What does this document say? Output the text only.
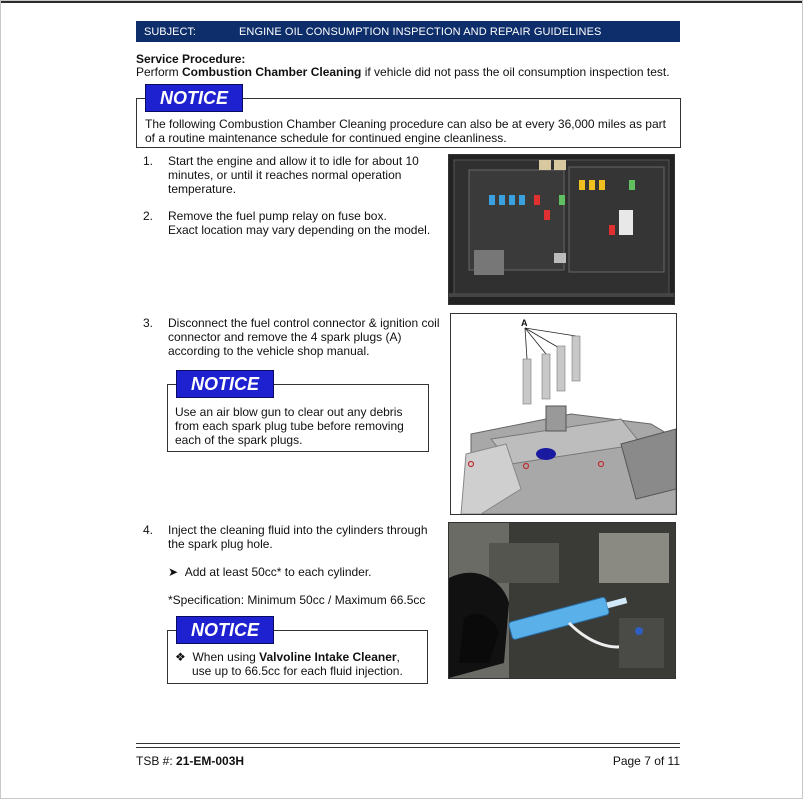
SUBJECT:	ENGINE OIL CONSUMPTION INSPECTION AND REPAIR GUIDELINES
Service Procedure:
Perform Combustion Chamber Cleaning if vehicle did not pass the oil consumption inspection test.
NOTICE
The following Combustion Chamber Cleaning procedure can also be at every 36,000 miles as part
of a routine maintenance schedule for continued engine cleanliness.
1. Start the engine and allow it to idle for about 10
minutes, or until it reaches normal operation
temperature.
2. Remove the fuel pump relay on fuse box.
Exact location may vary depending on the model.
3. Disconnect the fuel control connector & ignition coil
connector and remove the 4 spark plugs (A)
according to the vehicle shop manual.
NOTICE
Use an air blow gun to clear out any debris
from each spark plug tube before removing
each of the spark plugs.
A
4. Inject the cleaning fluid into the cylinders through
the spark plug hole.
➤ Add at least 50cc* to each cylinder.
*Specification: Minimum 50cc / Maximum 66.5cc
NOTICE
❖ When using Valvoline Intake Cleaner,
use up to 66.5cc for each fluid injection.
TSB #: 21-EM-003H	Page 7 of 11
